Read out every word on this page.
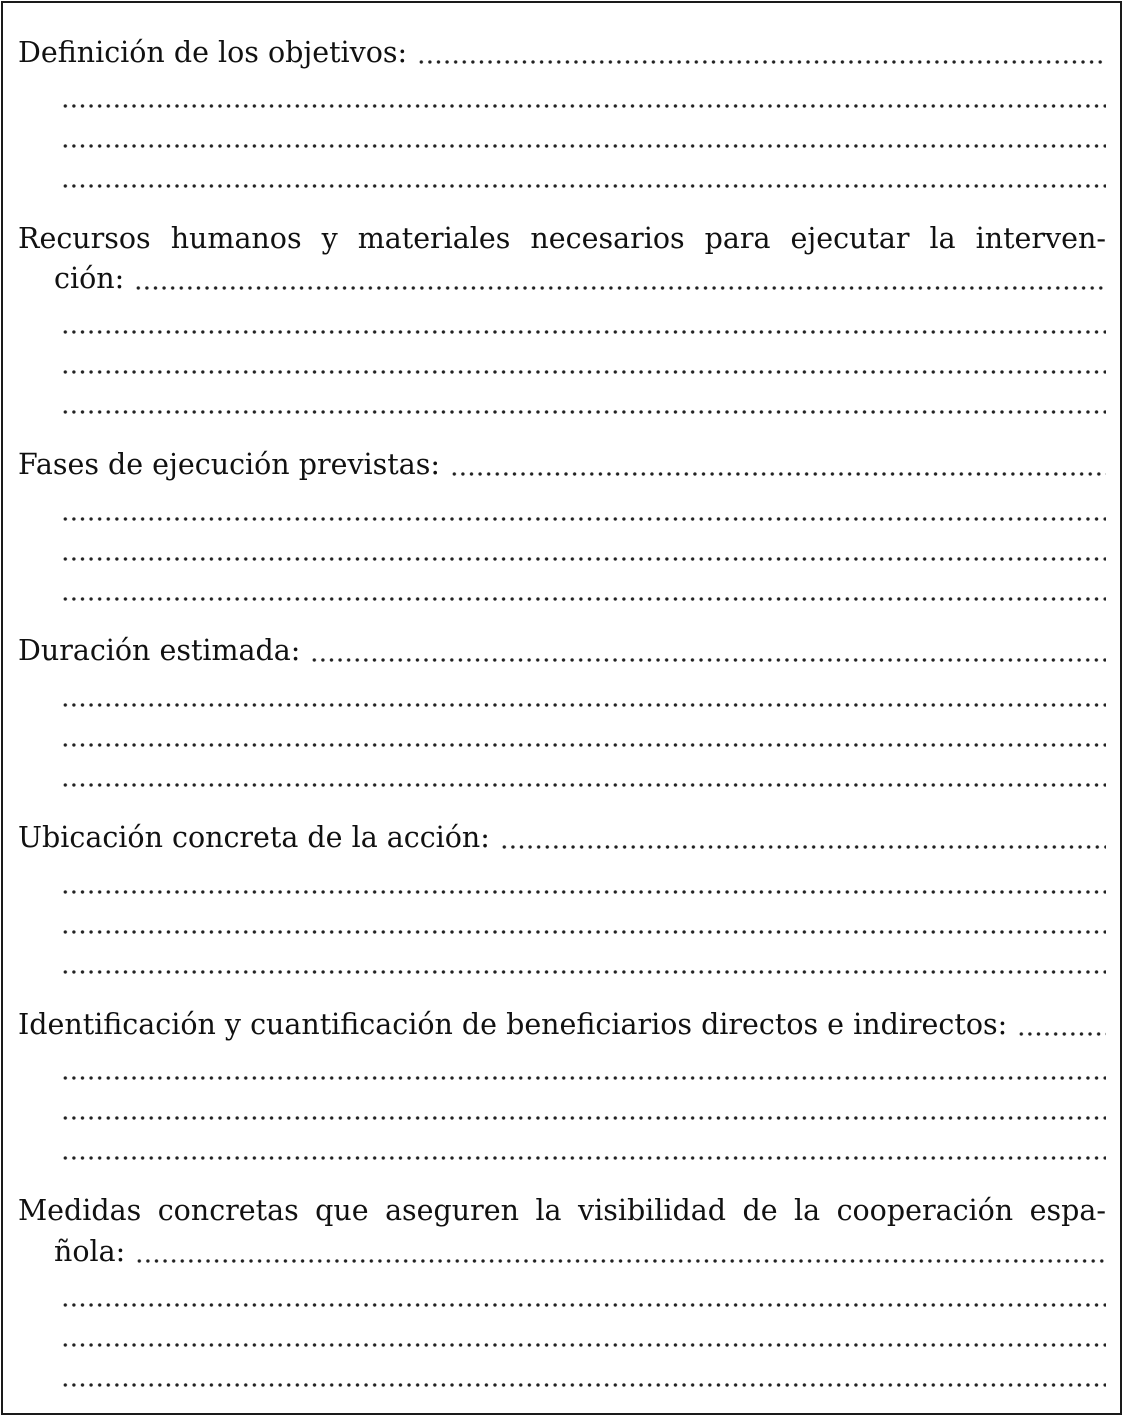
Definición de los objetivos:
Recursos humanos y materiales necesarios para ejecutar la interven-
ción:
Fases de ejecución previstas:
Duración estimada:
Ubicación concreta de la acción:
Identificación y cuantificación de beneficiarios directos e indirectos:
Medidas concretas que aseguren la visibilidad de la cooperación espa-
ñola:
